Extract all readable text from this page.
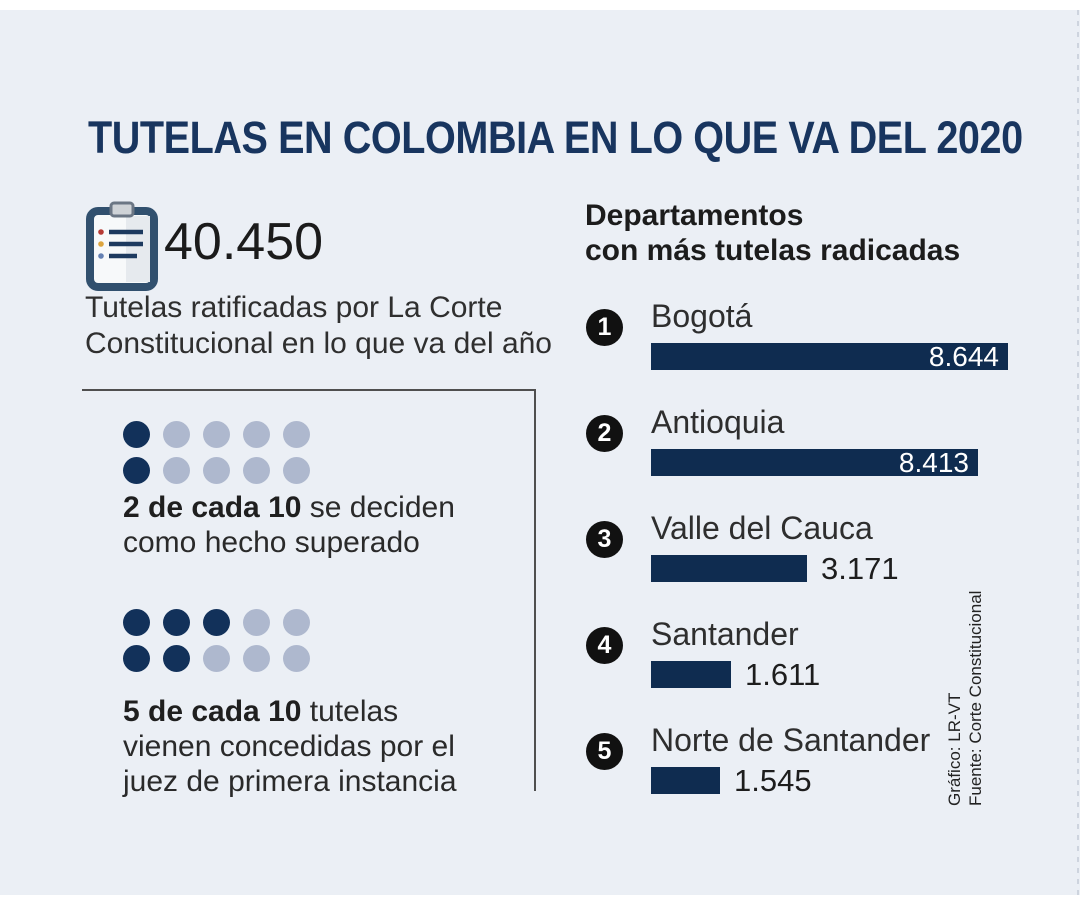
TUTELAS EN COLOMBIA EN LO QUE VA DEL 2020
40.450
Tutelas ratificadas por La Corte
Constitucional en lo que va del año
2 de cada 10 se deciden
como hecho superado
5 de cada 10 tutelas
vienen concedidas por el
juez de primera instancia
Departamentos
con más tutelas radicadas
1	Bogotá
8.644
2	Antioquia
8.413
3	Valle del Cauca
3.171
4	Santander
1.611
5	Norte de Santander
1.545	Gráfico: LR-VT Fuente: Corte Constitucional
